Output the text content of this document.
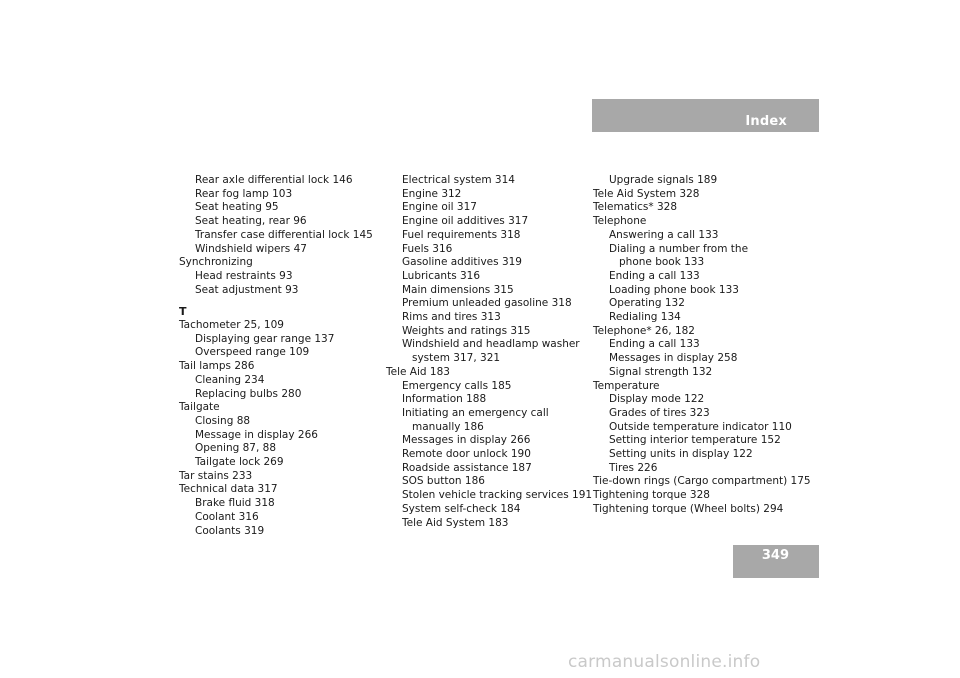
Index
Rear axle differential lock 146
Rear fog lamp 103
Seat heating 95
Seat heating, rear 96
Transfer case differential lock 145
Windshield wipers 47
Synchronizing
Head restraints 93
Seat adjustment 93
T
Tachometer 25, 109
Displaying gear range 137
Overspeed range 109
Tail lamps 286
Cleaning 234
Replacing bulbs 280
Tailgate
Closing 88
Message in display 266
Opening 87, 88
Tailgate lock 269
Tar stains 233
Technical data 317
Brake fluid 318
Coolant 316
Coolants 319
Electrical system 314
Engine 312
Engine oil 317
Engine oil additives 317
Fuel requirements 318
Fuels 316
Gasoline additives 319
Lubricants 316
Main dimensions 315
Premium unleaded gasoline 318
Rims and tires 313
Weights and ratings 315
Windshield and headlamp washer
system 317, 321
Tele Aid 183
Emergency calls 185
Information 188
Initiating an emergency call
manually 186
Messages in display 266
Remote door unlock 190
Roadside assistance 187
SOS button 186
Stolen vehicle tracking services 191
System self-check 184
Tele Aid System 183
Upgrade signals 189
Tele Aid System 328
Telematics* 328
Telephone
Answering a call 133
Dialing a number from the
phone book 133
Ending a call 133
Loading phone book 133
Operating 132
Redialing 134
Telephone* 26, 182
Ending a call 133
Messages in display 258
Signal strength 132
Temperature
Display mode 122
Grades of tires 323
Outside temperature indicator 110
Setting interior temperature 152
Setting units in display 122
Tires 226
Tie-down rings (Cargo compartment) 175
Tightening torque 328
Tightening torque (Wheel bolts) 294
349
carmanualsonline.info
